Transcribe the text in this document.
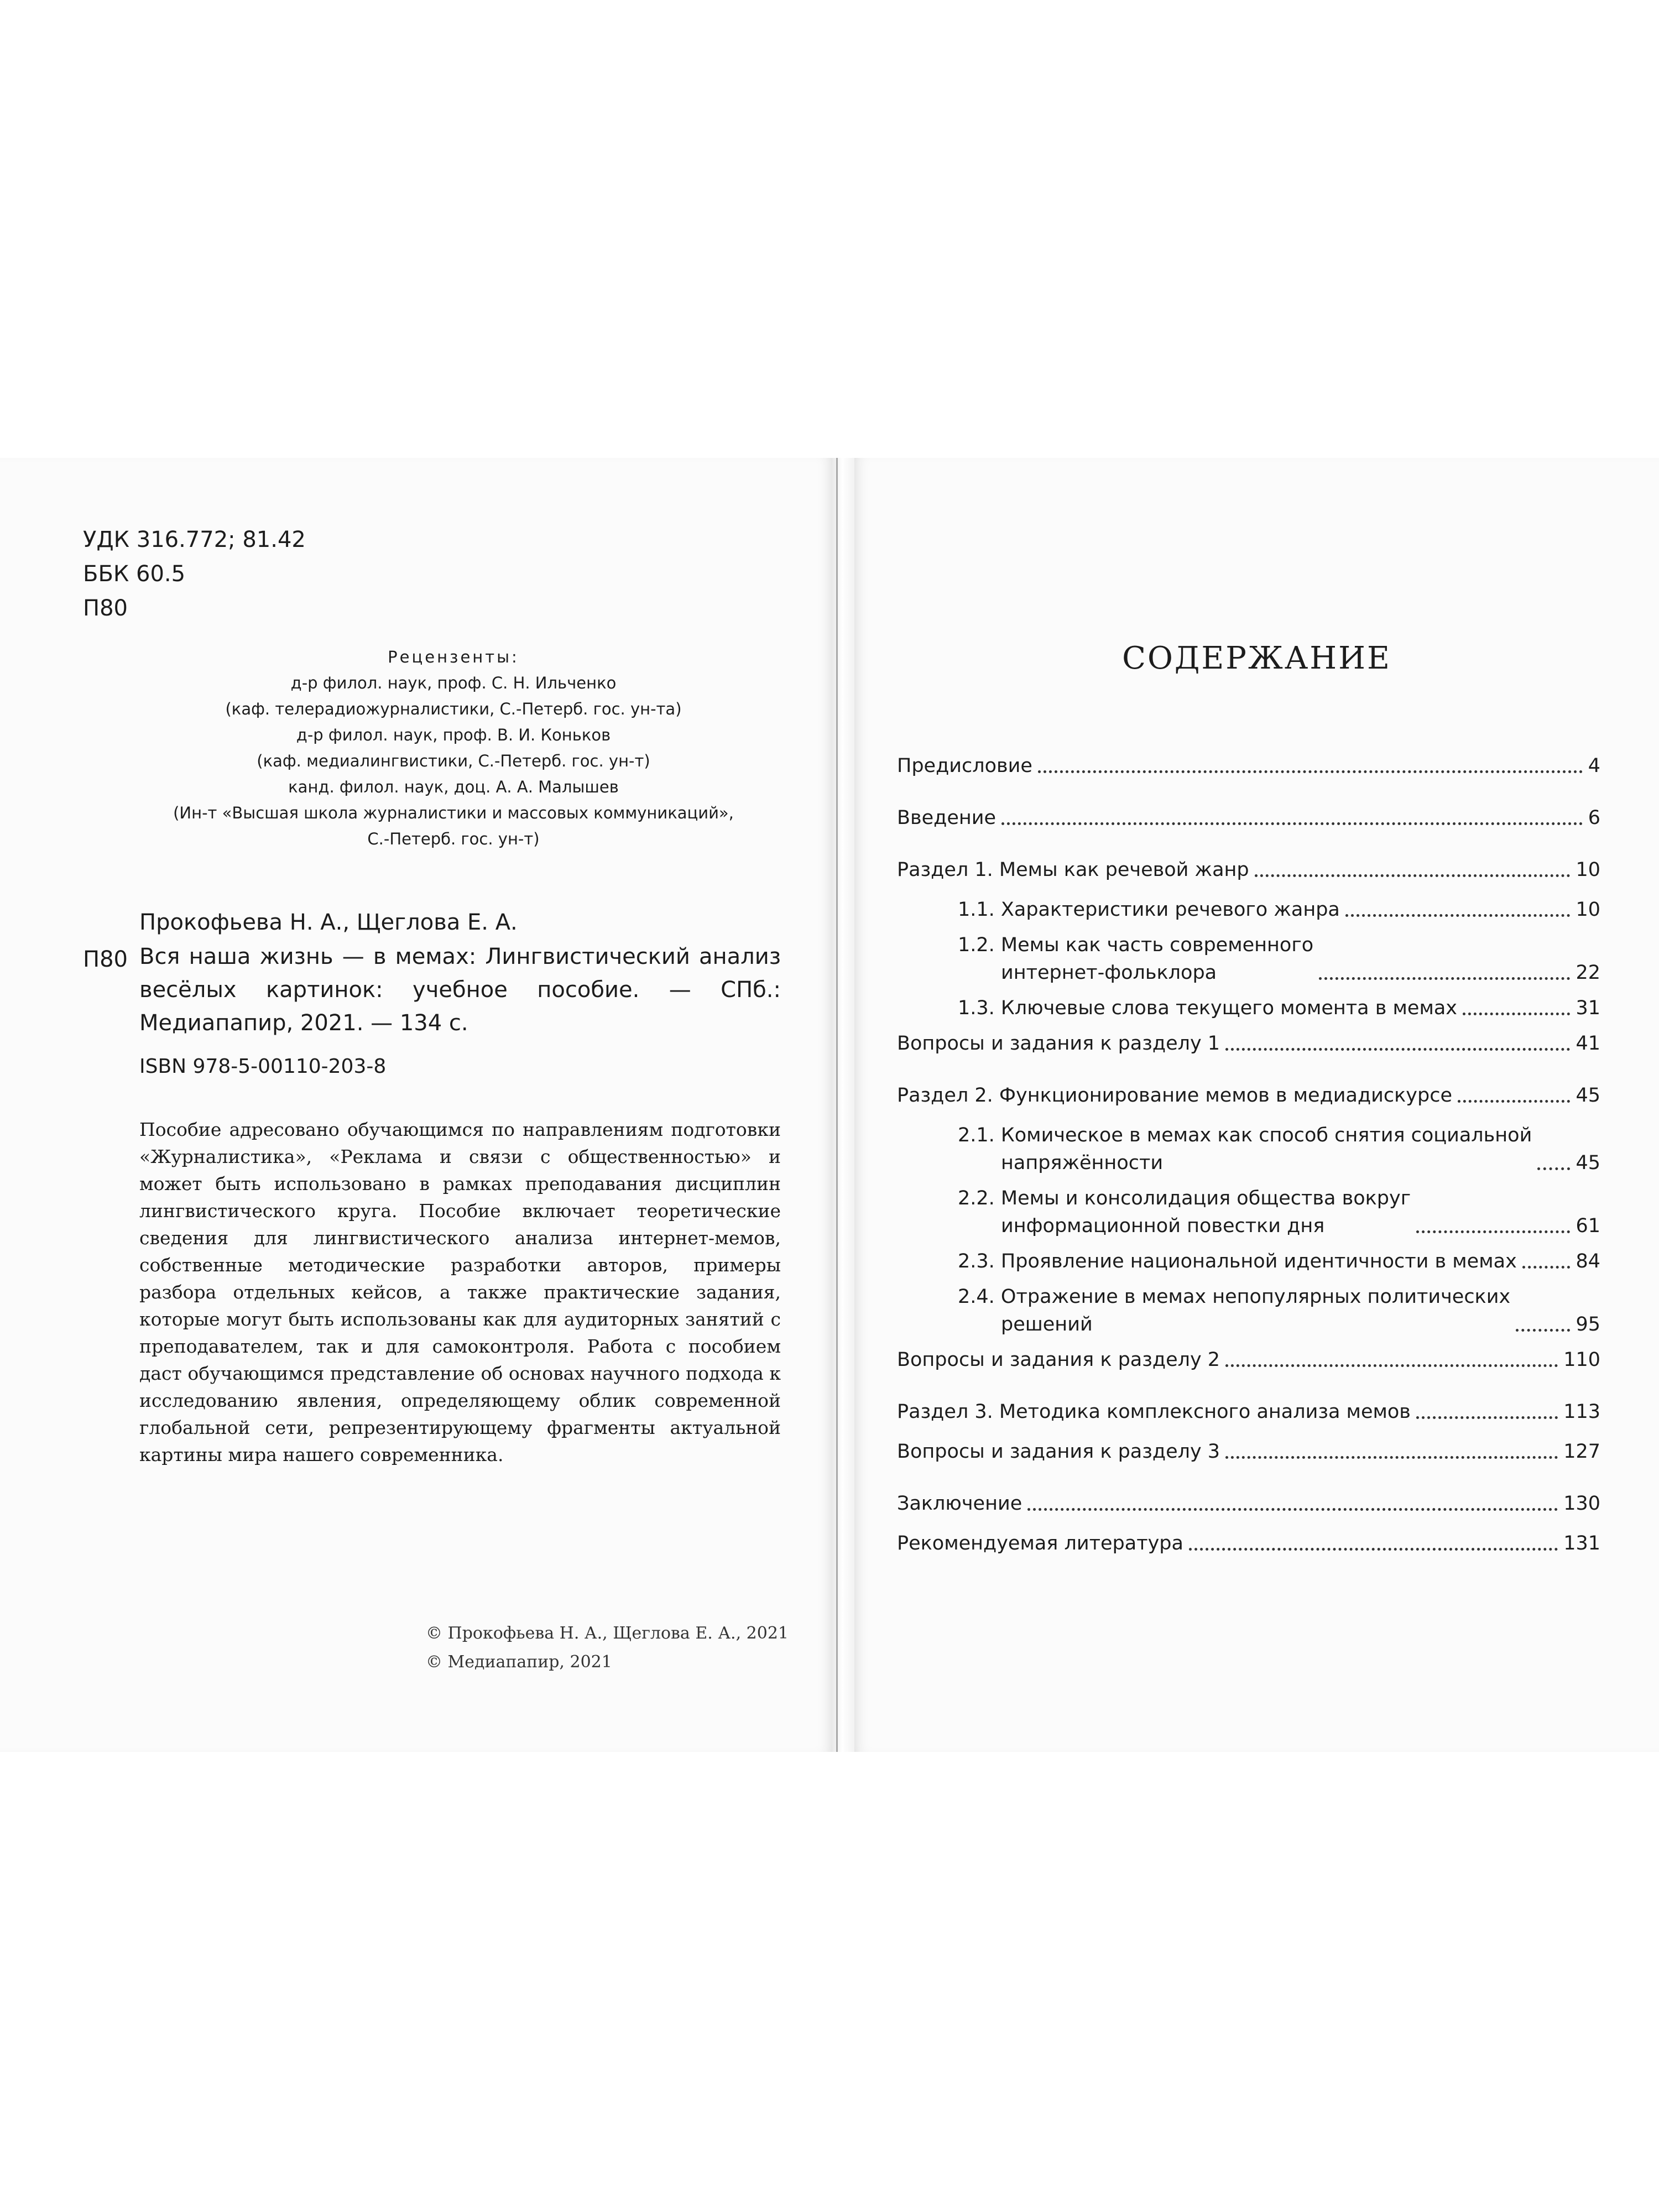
УДК 316.772; 81.42
ББК 60.5
П80
Рецензенты:
д-р филол. наук, проф. С. Н. Ильченко
(каф. телерадиожурналистики, С.-Петерб. гос. ун-та)
д-р филол. наук, проф. В. И. Коньков
(каф. медиалингвистики, С.-Петерб. гос. ун-т)
канд. филол. наук, доц. А. А. Малышев
(Ин-т «Высшая школа журналистики и массовых коммуникаций»,
С.-Петерб. гос. ун-т)
Прокофьева Н. А., Щеглова Е. А.
П80 Вся наша жизнь — в мемах: Лингвистический анализ весёлых картинок: учебное пособие. — СПб.: Медиапапир, 2021. — 134 с.
ISBN 978-5-00110-203-8
Пособие адресовано обучающимся по направлениям подготовки «Журналистика», «Реклама и связи с общественностью» и может быть использовано в рамках преподавания дисциплин лингвистического круга. Пособие включает теоретические сведения для лингвистического анализа интернет-мемов, собственные методические разработки авторов, примеры разбора отдельных кейсов, а также практические задания, которые могут быть использованы как для аудиторных занятий с преподавателем, так и для самоконтроля. Работа с пособием даст обучающимся представление об основах научного подхода к исследованию явления, определяющему облик современной глобальной сети, репрезентирующему фрагменты актуальной картины мира нашего современника.
© Прокофьева Н. А., Щеглова Е. А., 2021
© Медиапапир, 2021
СОДЕРЖАНИЕ
Предисловие	4
Введение	6
Раздел 1. Мемы как речевой жанр	10
1.1. Характеристики речевого жанра	10
1.2. Мемы как часть современного
интернет-фольклора	22
1.3. Ключевые слова текущего момента в мемах	31
Вопросы и задания к разделу 1	41
Раздел 2. Функционирование мемов в медиадискурсе	45
2.1. Комическое в мемах как способ снятия социальной
напряжённости	45
2.2. Мемы и консолидация общества вокруг
информационной повестки дня	61
2.3. Проявление национальной идентичности в мемах	84
2.4. Отражение в мемах непопулярных политических
решений	95
Вопросы и задания к разделу 2	110
Раздел 3. Методика комплексного анализа мемов	113
Вопросы и задания к разделу 3	127
Заключение	130
Рекомендуемая литература	131
